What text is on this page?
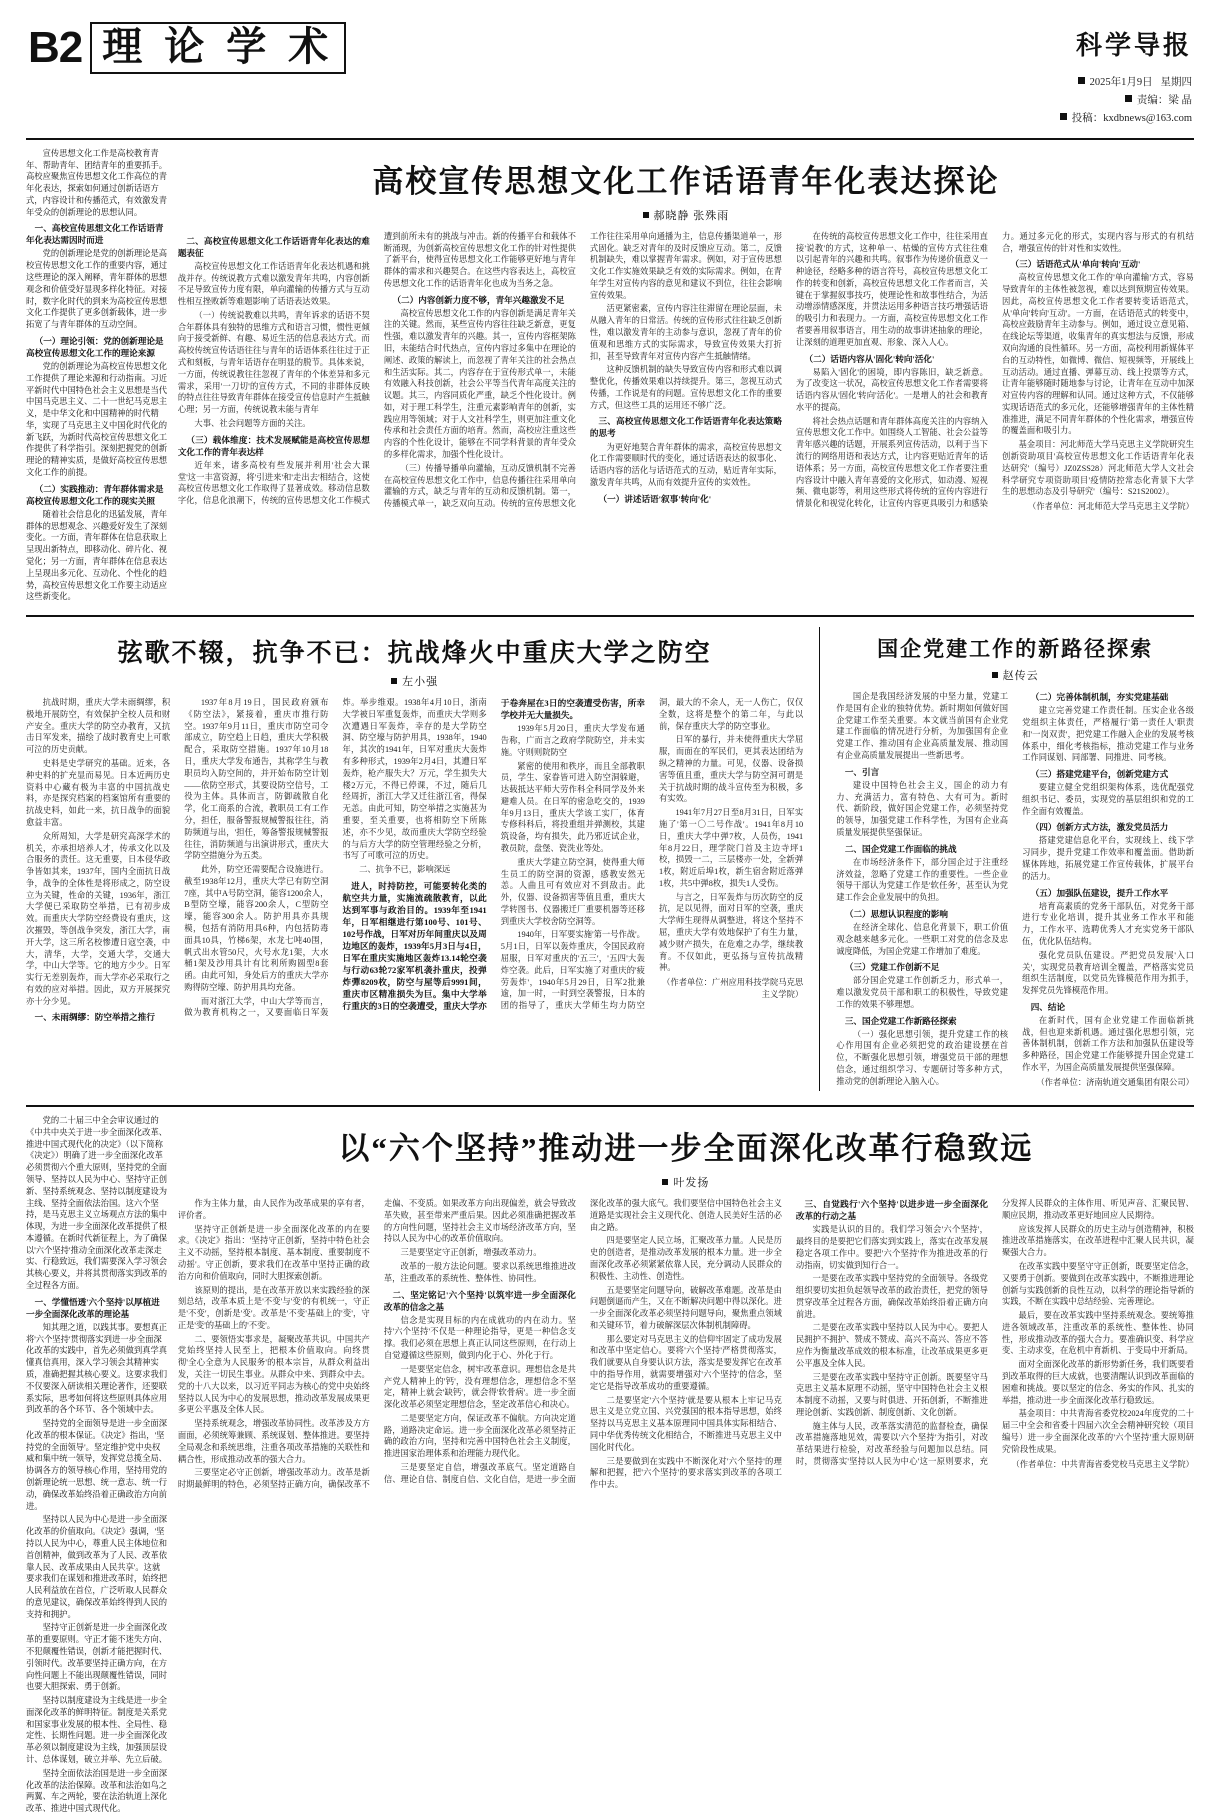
B2 理 论 学 术	科学导报
2025年1月9日 星期四
责编：梁 晶
投稿：kxdbnews@163.com

宣传思想文化工作是高校教育青年、帮助青年、团结青年的重要抓手。高校应聚焦宣传思想文化工作高位的青年化表达，探索如何通过创新话语方式，内容设计和传播范式，有效激发青年受众的创新理论的思想认同。

一、高校宣传思想文化工作话语青年化表达需因时而进

党的创新理论是党的创新理论是高校宣传思想文化工作的重要内容，通过这些理论的深入阐释，青年群体的思想观念和价值受好显现多样化特征。对接时，数字化时代的到来为高校宣传思想文化工作提供了更多创新载体，进一步拓宽了与青年群体的互动空间。

（一）理论引领：党的创新理论是高校宣传思想文化工作的理论来源

党的创新理论为高校宣传思想文化工作提供了理论来源和行动指南。习近平新时代中国特色社会主义思想是当代中国马克思主义、二十一世纪马克思主义，是中华文化和中国精神的时代精华，实现了马克思主义中国化时代化的新飞跃，为新时代高校宣传思想文化工作提供了科学指引。深刻把握党的创新理论的精神实质，是做好高校宣传思想文化工作的前提。

（二）实践推动：青年群体需求是高校宣传思想文化工作的现实关照

随着社会信息化的迅猛发展，青年群体的思想观念、兴趣爱好发生了深刻变化。一方面，青年群体在信息获取上呈现出新特点，即移动化、碎片化、视觉化；另一方面，青年群体在信息表达上呈现出多元化、互动化、个性化的趋势，高校宣传思想文化工作要主动适应这些新变化。

高校宣传思想文化工作话语青年化表达探论
郝晓静 张殊雨
二、高校宣传思想文化工作话语青年化表达的难题表征

高校宣传思想文化工作话语青年化表达机遇和挑战并存。传统说教方式难以激发青年共鸣，内容创新不足导致宣传力度有限，单向灌输的传播方式与互动性相互挫败新等难题影响了话语表达效果。

（一）传统说教难以共鸣，青年诉求的话语不契合年群体具有独特的思维方式和语言习惯，惯性更倾向于接受新鲜、有趣、易近生活的信息表达方式。而高校传统宣传话语往往与青年的话语体系往往过于正式和刻板，与青年话语存在明显的脱节。具体来说，一方面，传统说教往往忽视了青年的个体差异和多元需求，采用'一刀切'的宣传方式，不同的非群体反映的特点往往导致青年群体在接受宣传信息时产生抵触心理；另一方面，传统说教未能与青年

大事、社会问题等方面的关注。

（三）载体维度：技术发展赋能是高校宣传思想文化工作的青年表达样

近年来，诸多高校有些发展并利用'社会大课堂'这一丰富资源，将'引进来'和'走出去'相结合，这使高校宣传思想文化工作取得了显著成效。移动信息数字化，信息化浪潮下，传统的宣传思想文化工作模式遭到前所未有的挑战与冲击。新的传播平台和载体不断涌现，为创新高校宣传思想文化工作的针对性提供了新平台，使得宣传思想文化工作能够更好地与青年群体的需求和兴趣契合。在这些内容表达上，高校宣传思想文化工作的话语青年化也成为当务之急。

（二）内容创新力度不够，青年兴趣激发不足

高校宣传思想文化工作的内容创新是满足青年关注的关键。然而，某些宣传内容往往缺乏新意，更复性强，难以激发青年的兴趣。其一，宣传内容框架陈旧，未能结合时代热点，宣传内容过多集中在理论的阐述、政策的解读上，而忽视了青年关注的社会热点和生活实际。其二，内容存在于宣传形式单一，未能有效融入科技创新，社会公平等当代青年高度关注的议题。其三，内容同质化严重，缺乏个性化设计。例如，对于理工科学生，注重元素影响青年的创新，实践应用等领域；对于人文社科学生，则更加注重文化传承和社会责任方面的培育。然而，高校应注重这些内容的个性化设计，能够在不同学科背景的青年受众的多样化需求，加强个性化设计。

（三）传播导播单向灌输，互动反馈机制不完善在高校宣传思想文化工作中，信息传播往往采用单向灌输的方式，缺乏与青年的互动和反馈机制。第一，传播模式单一，缺乏双向互动。传统的宣传思想文化工作往往采用单向通播为主，信息传播渠道单一，形式固化。缺乏对青年的及时反馈应互动。第二，反馈机制缺失，难以掌握青年需求。例如，对于宣传思想文化工作实施效果缺乏有效的实际需求。例如，在青年学生对宣传内容的意见和建议不到位，往往会影响宣传效果。

活更紧密素，宣传内容注往滞留在理论层面，未从融入青年的日常活。传统的宣传形式往往缺乏创新性，难以激发青年的主动参与意识，忽视了青年的价值观和思维方式的实际需求，导致宣传效果大打折扣，甚至导致青年对宣传内容产生抵触情绪。

这种反馈机制的缺失导致宣传内容和形式难以调整优化，传播效果难以持续提升。第三，忽视互动式传播，工作说是有的问题。宣传思想文化工作的重要方式，但这些工具的运用还不够广泛。

三、高校宣传思想文化工作话语青年化表达策略的思考

为更好地契合青年群体的需求，高校宣传思想文化工作需要顺时代的变化，通过话语表达的叙事化、话语内容的活化与话语范式的互动，贴近青年实际，激发青年共鸣，从而有效提升宣传的实效性。

（一）讲述话语'叙事'转向'化'

在传统的高校宣传思想文化工作中，往往采用直接'说教'的方式，这种单一、枯燥的宣传方式往往难以引起青年的兴趣和共鸣。叙事作为传递价值意义一种途径，经略多种的语言符号，高校宣传思想文化工作的转变和创新，高校宣传思想文化工作者而言，关键在于掌握叙事技巧，使理论性和故事性结合，为活动增添情感深度，并贯法运用多种语言技巧增强话语的吸引力和表现力。一方面，高校宣传思想文化工作者要善用叙事语言，用生动的故事讲述抽象的理论，让深刻的道理更加直观、形象、深入人心。

（二）话语内容从'固化'转向'活化'

易陷入'固化'的困境，即内容陈旧，缺乏新意。为了改变这一状况，高校宣传思想文化工作者需要将话语内容从'固化'转向'活化'。一是增人的社会和教育水平的提高。

将社会热点话题和青年群体高度关注的内容纳入宣传思想文化工作中。如围绕人工智能、社会公益等青年感兴趣的话题，开展系列宣传活动，以利于当下流行的网络用语和表达方式，让内容更贴近青年的话语体系；另一方面，高校宣传思想文化工作者要注重内容设计中融入青年喜爱的文化形式，如动漫、短视频、微电影等，利用这些形式将传统的宣传内容进行情景化和视觉化转化，让宣传内容更具吸引力和感染力。通过多元化的形式，实现内容与形式的有机结合，增强宣传的针对性和实效性。

（三）话语范式从'单向'转向'互动'

高校宣传思想文化工作的'单向灌输'方式，容易导致青年的主体性被忽视，难以达到预期宣传效果。因此，高校宣传思想文化工作者要转变话语范式，从'单向'转向'互动'。一方面，在话语范式的转变中，高校应鼓励青年主动参与。例如，通过设立意见箱、在线论坛等渠道，收集青年的真实想法与反馈，形成双向沟通的良性循环。另一方面，高校利用新媒体平台的互动特性，如微博、微信、短视频等，开展线上互动活动。通过直播、弹幕互动、线上投票等方式，让青年能够随时随地参与讨论，让青年在互动中加深对宣传内容的理解和认同。通过这种方式，不仅能够实现话语范式的多元化，还能够增强青年的主体性精准推进，满足不同青年群体的个性化需求，增强宣传的覆盖面和吸引力。

基金项目：河北师范大学马克思主义学院研究生创新资助项目'高校宣传思想文化工作话语青年化表达研究'（编号）JZ0ZSS28）河北师范大学人文社会科学研究专项资助项目'疫情防控常态化背景下大学生的思想动态及引导研究'（编号：S21S2002）。

（作者单位：河北师范大学马克思主义学院）

弦歌不辍，抗争不已：抗战烽火中重庆大学之防空
左小强

抗战时期，重庆大学未雨绸缪，积极地开展防空，有效保护全校人员和财产安全。重庆大学的防空办教育，又抗击日军发来，描绘了战时教育史上可歌可泣的历史贡献。

史料是史学研究的基础。近来，各种史料的扩充显而易见。日本近两历史资料中心藏有极为丰富的中国抗战史料，亦是探究档案的档案馆所有重要的抗战史料，如此一来，抗日战争的面貌愈益丰富。

众所周知，大学是研究高深学术的机关，亦承担培养人才，传承文化以及合服务的责任。这无重要，日本侵华政争皆如其来，1937年，国内全面抗日战争，战争的全体性是将形成之，防空设立为关键，性命的关键，1936年，浙江大学便已采取防空举措，已有初步成效。而重庆大学防空经费设有重庆，这次摧毁，等创战争突发，浙江大学，南开大学，这三所名校惨遭日寇空袭，中大，清华，大学，交通大学，交通大学，中山大学等。它的地方少少。日军实行无差别轰炸，而大学亦必采取行之有效的应对举措。因此，双方开展探究亦十分少见。

一、未雨绸缪：防空举措之推行

1937年8月19日，国民政府颁布《防空法》，紧接着，重庆市推行防空。1937年9月11日，重庆市防空司令部成立，防空趋上日趋，重庆大学积极配合，采取防空措施。1937年10月18日，重庆大学发布通告，其称学生与教职员均入防空间的，并开始布防空计划——依防空形式，其要设防空信号，工役为主体。具体而言，防御疏散自化学，化工商系的合流，教职员工有工作分，担任，服备警报规械警报往往，消防频道与出，'担任，筹备警报规械警报往往，消防频道与出演讲形式，重庆大学防空措施分为五类。

此外，防空还需要配合设施进行。截至1938年12月，重庆大学已有防空洞7座，其中A号防空洞，能容1200余人，B型防空壕，能容200余人，C型防空壕，能容300余人。防护用具亦具规模，包括有消防用具6种，内包括防毒面具10具，竹梯6架，水龙七吨40围，帆式出水管50尺，火号水龙1架，大水桶1架及沙用具计有比利所购圆型8套函。由此可知，身处后方的重庆大学亦购得防空壕、防护用具均充备。

而对浙江大学，中山大学等而言，做为教育机构之一，又要面临日军轰炸。举步维艰。1938年4月10日，浙南大学被日军重复轰炸，而重庆大学则多次遭遇日军轰炸，幸存的是大学防空洞、防空壕与防护用具，1938年，1940年，其次的1941年，日军对重庆大轰炸有多种形式，1939年2月4日，其遭日军轰炸，枪产服失大？万元，学生损失大楼2万元，不得已停课，不过，随后几经周折，浙江大学又迁往浙江省，得保无恙。由此可知，防空举措之实施甚为重要，至关重要，也将相防空下所陈述，亦不少见，故而重庆大学防空经验的与后方大学的防空管理经验之分析，书写了可歌可泣的历史。

二、抗争不已，影响深远

进人，时持防控，可能要转化类的航空共力量，实施流疏散教育，以此达到军事与政治目的。1939年至1941年，日军相继进行第100号、101号、102号作战，日军对历年间重庆以及周边地区的轰炸，1939年5月3日与4日，日军在重庆实施地区轰炸13.14轮空袭与行动63轮72家军机袭扑重庆，投弹炸彈8209枚，防空与屋等后9991间，重庆市区精准损失为巨。集中大学举行重庆的3日的空袭遭受，重庆大学亦于卷奔屋在3日的空袭遭受伤害，所幸学校并无大量损失。

1939年5月20日，重庆大学发布通告称，广而言之政府学院防空，并未实施。守则则院防空

紧密的使用和秩序，而且全部教职员，学生、家眷皆可进入防空洞躲避，达载抵达平师大劳作科全科同学及外来避难人员。在日军的密急吃交的，1939年9月13日，重庆大学该工实厂，体育专修科科后，将投重组并弹测校，其建筑设备，均有损失，此乃邪近试企业，教员院，盘堡、瓷洗业等处。

重庆大学建立防空洞，使得重大师生员工的防空洞的资源，感教安然无恙。人曲且可有效应对不到敌击。此外，仪器、设备损害等值且重，重庆大学转图书、仪器搬迁厂重要机器等还移到重庆大学校舍防空洞等。

1940年，日军要实施'第一号作战'。5月1日，日军以轰炸重庆，令国民政府屈服，日军对重庆的'五三'，'五四'大轰炸空袭。此后，日军实施了对重庆的'疲劳轰炸'，1940年5月29日，日军2批兼逾，加一时，一时到空袭警报，日本的团的指导了，重庆大学师生均力防空洞，最大的不余人，无一人伤亡，仅仅全数，这将是整个的第二年，与此以前，保存重庆大学的防空事业。

日军的暴行，并未使得重庆大学屈服，而面在的军民们，更其表达团结为纵之精神的力量。可见，仪器、设备损害等值且重，重庆大学与防空洞可谓是关于抗战时期的战斗宣传至为积极，多有实效。

1941年7月27日至8月31日，日军实施了'第一〇二号作战'。1941年8月10日，重庆大学中弹7枚，人员伤，1941年8月22日，理学院门首及主边寺坪1校，损毁一二，三层楼亦一处，全新弹1枚，附近后埠1枚，新生宿舍附近落弹1枚，共5中弹8枚，损失1人受伤。

与言之，日军轰炸与历次防空的反抗，足以见得，面对日军的空袭，重庆大学师生现得从调整进，将这个坚持不屈，重庆大学有效地保护了有生力量，减少财产损失，在危难之办学，继续教育。不仅如此，更弘扬与宣传抗战精神。

（作者单位：广州应用科技学院马克思主义学院）

国企党建工作的新路径探索
赵传云

国企是我国经济发展的中坚力量，党建工作是国有企业的独特优势。新时期如何做好国企党建工作至关重要。本文就当前国有企业党建工作面临的情况进行分析，为加强国有企业党建工作、推动国有企业高质量发展、推动国有企业高质量发展提出一些新思考。

一、引言

建设中国特色社会主义，国企的动力有力、充满活力，富有特色、大有可为。新时代、新阶段，做好国企党建工作，必须坚持党的领导，加强党建工作科学性，为国有企业高质量发展提供坚强保证。

二、国企党建工作面临的挑战

在市场经济条件下，部分国企过于注重经济效益，忽略了党建工作的重要性。一些企业领导干部认为党建工作是'软任务'，甚至认为党建工作会企业发展中的负担。

（二）思想认识程度的影响

在经济全球化、信息化背景下，职工价值观念越来越多元化。一些职工对党的信念及忠诚度降低，为国企党建工作增加了难度。

（三）党建工作创新不足

部分国企党建工作创新乏力，形式单一，难以激发党员干部和职工的积极性，导致党建工作的效果不够理想。

三、国企党建工作新路径探索

（一）强化思想引领，提升党建工作的核心作用国有企业必须把党的政治建设摆在首位，不断强化思想引领，增强党员干部的理想信念，通过组织学习、专题研讨等多种方式，推动党的创新理论入脑入心。

（二）完善体制机制，夯实党建基础

建立完善党建工作责任制。压实企业各级党组织主体责任，严格履行'第一责任人'职责和'一岗双责'，把党建工作融入企业的发展考核体系中，细化考核指标，推动党建工作与业务工作同谋划、同部署、同推进、同考核。

（三）搭建党建平台，创新党建方式

要建立健全党组织架构体系，选优配强党组织书记、委员，实现党的基层组织和党的工作全面有效覆盖。

（四）创新方式方法，激发党员活力

搭建党建信息化平台，实现线上、线下学习同步，提升党建工作效率和覆盖面。借助新媒体阵地，拓展党建工作宣传载体，扩展平台的活力。

（五）加强队伍建设，提升工作水平

培育高素质的党务干部队伍，对党务干部进行专业化培训，提升其业务工作水平和能力，工作水平、选聘优秀人才充实党务干部队伍，优化队伍结构。

强化党员队伍建设。严把党员发展'入口关'，实现党员教育培训全覆盖，严格落实党员组织生活制度，以党员先锋模范作用为抓手，发挥党员先锋模范作用。

四、结论

在新时代，国有企业党建工作面临新挑战，但也迎来新机遇。通过强化思想引领，完善体制机制，创新工作方法和加强队伍建设等多种路径，国企党建工作能够提升国企党建工作水平，为国企高质量发展提供坚强保障。

（作者单位：济南轨道交通集团有限公司）

党的二十届三中全会审议通过的《中共中央关于进一步全面深化改革、推进中国式现代化的决定》（以下简称《决定》）明确了进一步全面深化改革必须贯彻六个重大原则，坚持党的全面领导、坚持以人民为中心、坚持守正创新、坚持系统观念、坚持以制度建设为主线、坚持全面依法治国。这六个坚持，是马克思主义立场观点方法的集中体现，为进一步全面深化改革提供了根本遵循。在新时代新征程上，为了确保以'六个坚持'推动全面深化改革走深走实、行稳致远，我们需要深入学习领会其核心要义，并将其贯彻落实到改革的全过程各方面。

一、学懂悟透'六个坚持'以厚植进一步全面深化改革的理论基

知其理之道，以践其事。要想真正将'六个坚持'贯彻落实到进一步全面深化改革的实践中，首先必须做到真学真懂真信真用，深入学习领会其精神实质，准确把握其核心要义。这要求我们不仅要深入研读相关理论著作，还要联系实际，思考如何将这些原则具体应用到改革的各个环节、各个领域中去。

坚持党的全面领导是进一步全面深化改革的根本保证。《决定》指出，'坚持党的全面领导'。坚定维护党中央权威和集中统一领导，发挥党总揽全局、协调各方的领导核心作用，坚持用党的创新理论统一思想、统一意志、统一行动，确保改革始终沿着正确政治方向前进。

坚持以人民为中心是进一步全面深化改革的价值取向。《决定》强调，'坚持以人民为中心，尊重人民主体地位和首创精神，做到改革为了人民、改革依靠人民、改革成果由人民共享'。这就要求我们在谋划和推进改革时，始终把人民利益放在首位，广泛听取人民群众的意见建议，确保改革始终得到人民的支持和拥护。

坚持守正创新是进一步全面深化改革的重要原则。守正才能不迷失方向、不犯颠覆性错误，创新才能把握时代、引领时代。改革要坚持正确方向，在方向性问题上不能出现颠覆性错误，同时也要大胆探索、勇于创新。

坚持以制度建设为主线是进一步全面深化改革的鲜明特征。制度是关系党和国家事业发展的根本性、全局性、稳定性、长期性问题。进一步全面深化改革必须以制度建设为主线，加强顶层设计、总体谋划，破立并举、先立后破。

坚持全面依法治国是进一步全面深化改革的法治保障。改革和法治如鸟之两翼、车之两轮，要在法治轨道上深化改革、推进中国式现代化。

以“六个坚持”推动进一步全面深化改革行稳致远
叶发扬

作为主体力量，由人民作为改革成果的享有者，评价者。

坚持守正创新是进一步全面深化改革的内在要求。《决定》指出：'坚持守正创新，坚持中特色社会主义不动摇，坚持根本制度、基本制度、重要制度不动摇'。守正创新，要求我们在改革中坚持正确的政治方向和价值取向，同时大胆探索创新。

该原则的提出，是在改革开放以来实践经验的深刻总结，改革本质上是'不变'与'变'的有机统一，守正是'不变'，创新是'变'。改革是'不变'基础上的'变'，守正是'变'的基础上的'不变'。

二、要领悟实事求是，凝聚改革共识。中国共产党始终坚持人民至上，把根本价值取向。向终贯彻'全心全意为人民服务'的根本宗旨，从群众利益出发，关注一切民生事业。从群众中来、到群众中去。党的十八大以来，以习近平同志为核心的党中央始终坚持以人民为中心的发展思想，推动改革发展成果更多更公平惠及全体人民。

坚持系统观念，增强改革协同性。改革涉及方方面面，必须统筹兼顾、系统谋划、整体推进。要坚持全局观念和系统思维，注重各项改革措施的关联性和耦合性，形成推动改革的强大合力。

三要坚定必守正创新，增强改革动力。改革是新时期最鲜明的特色，必须坚持正确方向，确保改革不走偏、不变质。如果改革方向出现偏差，就会导致改革失败，甚至带来严重后果。因此必须准确把握改革的方向性问题，坚持社会主义市场经济改革方向，坚持以人民为中心的改革价值取向。

三是要坚定守正创新，增强改革动力。

改革的一般方法论问题。要求以系统思维推进改革，注重改革的系统性、整体性、协同性。

二、坚定铭记'六个坚持'以筑牢进一步全面深化改革的信念之基

信念是实现目标的内在成就功的内在动力。坚持'六个坚持'不仅是一种理论指导，更是一种信念支撑。我们必须在思想上真正认同这些原则，在行动上自觉遵循这些原则，做到内化于心、外化于行。

一是要坚定信念，树牢改革意识。理想信念是共产党人精神上的'钙'，没有理想信念，理想信念不坚定，精神上就会'缺钙'，就会得'软骨病'。进一步全面深化改革必须坚定理想信念，坚定改革信心和决心。

二是要坚定方向，保证改革不偏航。方向决定道路，道路决定命运。进一步全面深化改革必须坚持正确的政治方向，坚持和完善中国特色社会主义制度，推进国家治理体系和治理能力现代化。

三是要坚定自信，增强改革底气。坚定道路自信、理论自信、制度自信、文化自信，是进一步全面深化改革的强大底气。我们要坚信中国特色社会主义道路是实现社会主义现代化、创造人民美好生活的必由之路。

四是要坚定人民立场，汇聚改革力量。人民是历史的创造者，是推动改革发展的根本力量。进一步全面深化改革必须紧紧依靠人民，充分调动人民群众的积极性、主动性、创造性。

五是要坚定问题导向，破解改革难题。改革是由问题倒逼而产生，又在不断解决问题中得以深化。进一步全面深化改革必须坚持问题导向，聚焦重点领域和关键环节，着力破解深层次体制机制障碍。

那么要定对马克思主义的信仰牢固定了成功发展和改革中坚定信心。要将'六个坚持'严格贯彻落实，我们就要从自身要认识方法，落实是要发挥它在改革中的指导作用，就需要增强对'六个坚持'的信念，坚定它是指导改革成功的重要遵循。

二是要坚定'六个坚持'就是要从根本上牢记马克思主义是立党立国、兴党强国的根本指导思想，始终坚持以马克思主义基本原理同中国具体实际相结合、同中华优秀传统文化相结合，不断推进马克思主义中国化时代化。

三是要做到在实践中不断深化对'六个坚持'的理解和把握，把'六个坚持'的要求落实到改革的各项工作中去。

三、自觉践行'六个坚持'以进步进一步全面深化改革的行动之基

实践是认识的目的。我们学习领会'六个坚持'，最终目的是要把它们落实到实践上，落实在改革发展稳定各项工作中。要把'六个坚持'作为推进改革的行动指南，切实做到知行合一。

一是要在改革实践中坚持党的全面领导。各级党组织要切实担负起领导改革的政治责任，把党的领导贯穿改革全过程各方面，确保改革始终沿着正确方向前进。

二是要在改革实践中坚持以人民为中心。要把人民拥护不拥护、赞成不赞成、高兴不高兴、答应不答应作为衡量改革成效的根本标准，让改革成果更多更公平惠及全体人民。

三是要在改革实践中坚持守正创新。既要坚守马克思主义基本原理不动摇，坚守中国特色社会主义根本制度不动摇，又要与时俱进、开拓创新，不断推进理论创新、实践创新、制度创新、文化创新。

施主体与人民，改革落实清范的监督检查，确保改革措施落地见效，需要以'六个坚持'为指引，对改革结果进行检验，对改革经验与问题加以总结。同时，贯彻落实'坚持以人民为中心'这一原则要求，充分发挥人民群众的主体作用、听见声音、汇聚民智、顺应民期，推动改革更好地回应人民期待。

应该发挥人民群众的历史主动与创造精神，积极推进改革措施落实，在改革进程中汇聚人民共识，凝聚强大合力。

在改革实践中要坚守守正创新，既要坚定信念，又要勇于创新。要做到在改革实践中，不断推进理论创新与实践创新的良性互动，以科学的理论指导新的实践，不断在实践中总结经验、完善理论。

最后，要在改革实践中坚持系统观念。要统筹推进各领域改革，注重改革的系统性、整体性、协同性，形成推动改革的强大合力。要准确识变、科学应变、主动求变，在危机中育新机、于变局中开新局。

面对全面深化改革的新形势新任务，我们既要看到改革取得的巨大成就，也要清醒认识到改革面临的困难和挑战。要以坚定的信念、务实的作风、扎实的举措，推动进一步全面深化改革行稳致远。

基金项目：中共青海省委党校2024年度党的二十届三中全会和省委十四届六次全会精神研究较（项目编号）进一步全面深化改革的'六个坚持'重大原则研究'阶段性成果。

（作者单位：中共青海省委党校马克思主义学院）
